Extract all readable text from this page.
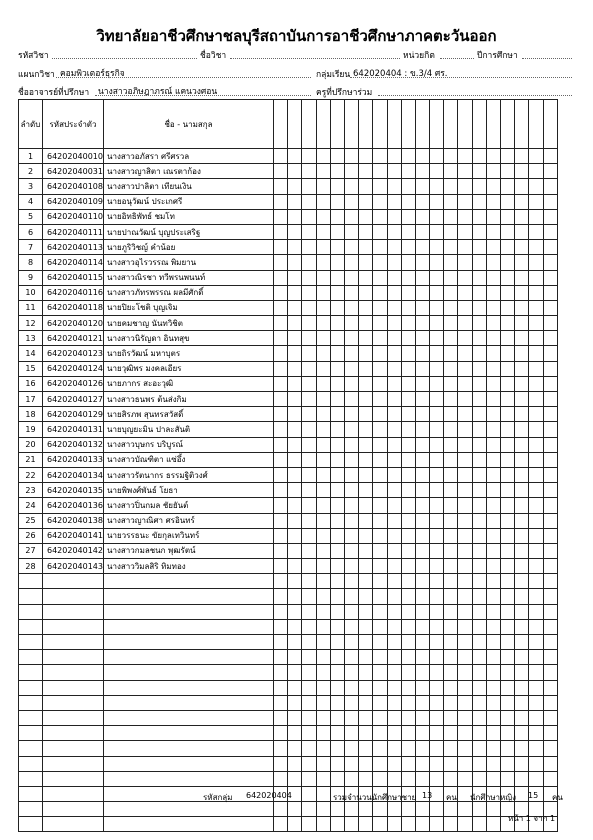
วิทยาลัยอาชีวศึกษาชลบุรีสถาบันการอาชีวศึกษาภาคตะวันออก
รหัสวิชา	ชื่อวิชา	หน่วยกิต	ปีการศึกษา
แผนกวิชา คอมพิวเตอร์ธุรกิจ	กลุ่มเรียน 642020404 : ข.3/4 ศร.
ชื่ออาจารย์ที่ปรึกษา นางสาวอภิษฎาภรณ์ แคนวงศอน	ครูที่ปรึกษาร่วม
ลำดับ	รหัสประจำตัว	ชื่อ - นามสกุล																				
1	64202040010	นางสาวอภัสรา ศรีศรวล																				
2	64202040031	นางสาวญาสิตา เณรตาก้อง																				
3	64202040108	นางสาวปาลิตา เทียนเงิน																				
4	64202040109	นายอนุวัฒน์ ประเกศรี																				
5	64202040110	นายอิทธิพัทธ์ ชมโท																				
6	64202040111	นายปาณวัฒน์ บุญประเสริฐ																				
7	64202040113	นายภูริวิชญ์ คำน้อย																				
8	64202040114	นางสาวอุไรวรรณ พิมยาน																				
9	64202040115	นางสาวณิรชา ทวีพรนพนนท์																				
10	64202040116	นางสาวภัทรพรรณ ผลมีศักดิ์																				
11	64202040118	นายปิยะโชติ บุญเจิม																				
12	64202040120	นายคมชาญ นันทวิชิต																				
13	64202040121	นางสาวนิรัญดา อินทสุข																				
14	64202040123	นายถิรวัฒน์ มหาบุตร																				
15	64202040124	นายวุฒิพร มงคลเอียร																				
16	64202040126	นายภากร สะอะวุฒิ																				
17	64202040127	นางสาวธนพร ต้นส่งกิม																				
18	64202040129	นายสิรภพ สุนทรสวัสดิ์																				
19	64202040131	นายบุญยะมิน ปาละสันติ																				
20	64202040132	นางสาวบุษกร บริบูรณ์																				
21	64202040133	นางสาวบัณฑิตา แซ่อึ้ง																				
22	64202040134	นางสาวรัตนากร ธรรมฐิติวงศ์																				
23	64202040135	นายพิพงศ์พันธ์ โยธา																				
24	64202040136	นางสาวปิ่นกมล ชัยยันต์																				
25	64202040138	นางสาวญาณิศา ศรอินทร์																				
26	64202040141	นายวรรธนะ ขัยกุลเทวินทร์																				
27	64202040142	นางสาวกมลชนก พุฒรัตน์																				
28	64202040143	นางสาววิมลสิริ ทิมทอง																				

รหัสกลุ่ม 642020404	รวมจำนวนนักศึกษาชาย 13 คน นักศึกษาหญิง 15 คน
หน้า 1 จาก 1
